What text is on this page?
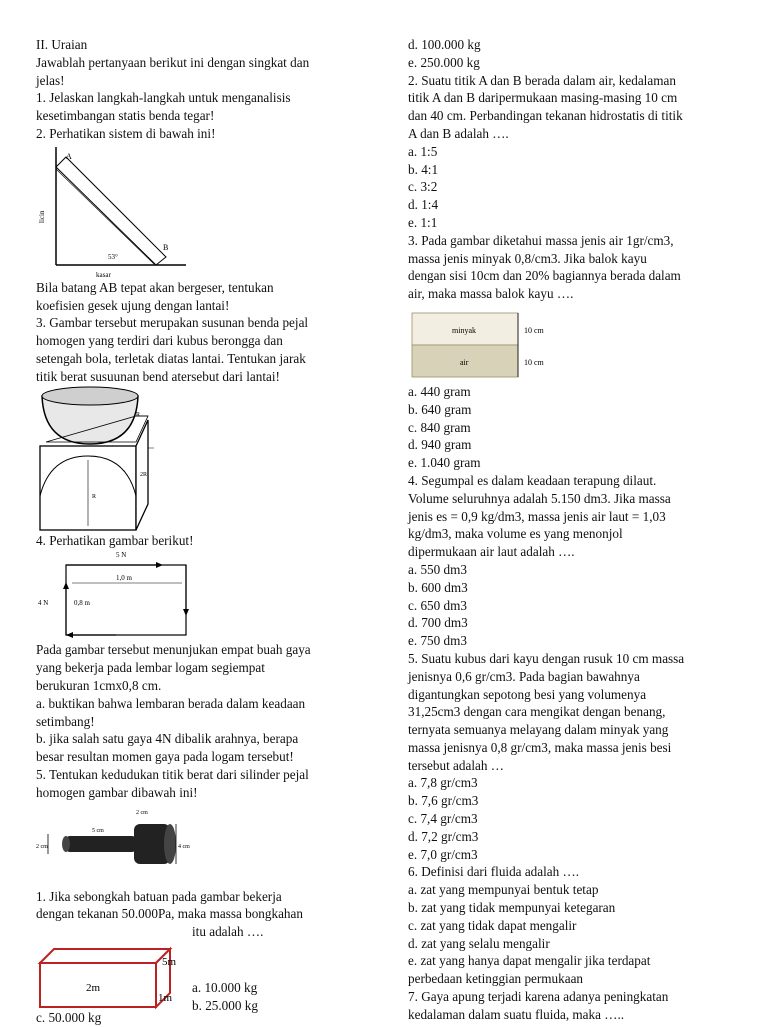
II. Uraian
Jawablah pertanyaan berikut ini dengan singkat dan
jelas!
1. Jelaskan langkah-langkah untuk menganalisis
kesetimbangan statis benda tegar!
2. Perhatikan sistem di bawah ini!
A
B
licin
53°
kasar
Bila batang AB tepat akan bergeser, tentukan
koefisien gesek ujung dengan lantai!
3. Gambar tersebut merupakan susunan benda pejal
homogen yang terdiri dari kubus berongga dan
setengah bola, terletak diatas lantai. Tentukan jarak
titik berat susuunan bend atersebut dari lantai!
R
2R
R
4. Perhatikan gambar berikut!
5 N
1,0 m
4 N	0,8 m
Pada gambar tersebut menunjukan empat buah gaya
yang bekerja pada lembar logam segiempat
berukuran 1cmx0,8 cm.
a. buktikan bahwa lembaran berada dalam keadaan
setimbang!
b. jika salah satu gaya 4N dibalik arahnya, berapa
besar resultan momen gaya pada logam tersebut!
5. Tentukan kedudukan titik berat dari silinder pejal
homogen gambar dibawah ini!
2 cm
5 cm
2 cm	4 cm
1. Jika sebongkah batuan pada gambar bekerja
dengan tekanan 50.000Pa, maka massa bongkahan
itu adalah ….
5m
2m
1m
a. 10.000 kg
b. 25.000 kg
c. 50.000 kg
d. 100.000 kg
e. 250.000 kg
2. Suatu titik A dan B berada dalam air, kedalaman
titik A dan B daripermukaan masing-masing 10 cm
dan 40 cm. Perbandingan tekanan hidrostatis di titik
A dan B adalah ….
a. 1:5
b. 4:1
c. 3:2
d. 1:4
e. 1:1
3. Pada gambar diketahui massa jenis air 1gr/cm3,
massa jenis minyak 0,8/cm3. Jika balok kayu
dengan sisi 10cm dan 20% bagiannya berada dalam
air, maka massa balok kayu ….
minyak	10 cm
air	10 cm
a. 440 gram
b. 640 gram
c. 840 gram
d. 940 gram
e. 1.040 gram
4. Segumpal es dalam keadaan terapung dilaut.
Volume seluruhnya adalah 5.150 dm3. Jika massa
jenis es = 0,9 kg/dm3, massa jenis air laut = 1,03
kg/dm3, maka volume es yang menonjol
dipermukaan air laut adalah ….
a. 550 dm3
b. 600 dm3
c. 650 dm3
d. 700 dm3
e. 750 dm3
5. Suatu kubus dari kayu dengan rusuk 10 cm massa
jenisnya 0,6 gr/cm3. Pada bagian bawahnya
digantungkan sepotong besi yang volumenya
31,25cm3 dengan cara mengikat dengan benang,
ternyata semuanya melayang dalam minyak yang
massa jenisnya 0,8 gr/cm3, maka massa jenis besi
tersebut adalah …
a. 7,8 gr/cm3
b. 7,6 gr/cm3
c. 7,4 gr/cm3
d. 7,2 gr/cm3
e. 7,0 gr/cm3
6. Definisi dari fluida adalah ….
a. zat yang mempunyai bentuk tetap
b. zat yang tidak mempunyai ketegaran
c. zat yang tidak dapat mengalir
d. zat yang selalu mengalir
e. zat yang hanya dapat mengalir jika terdapat
perbedaan ketinggian permukaan
7. Gaya apung terjadi karena adanya peningkatan
kedalaman dalam suatu fluida, maka …..
